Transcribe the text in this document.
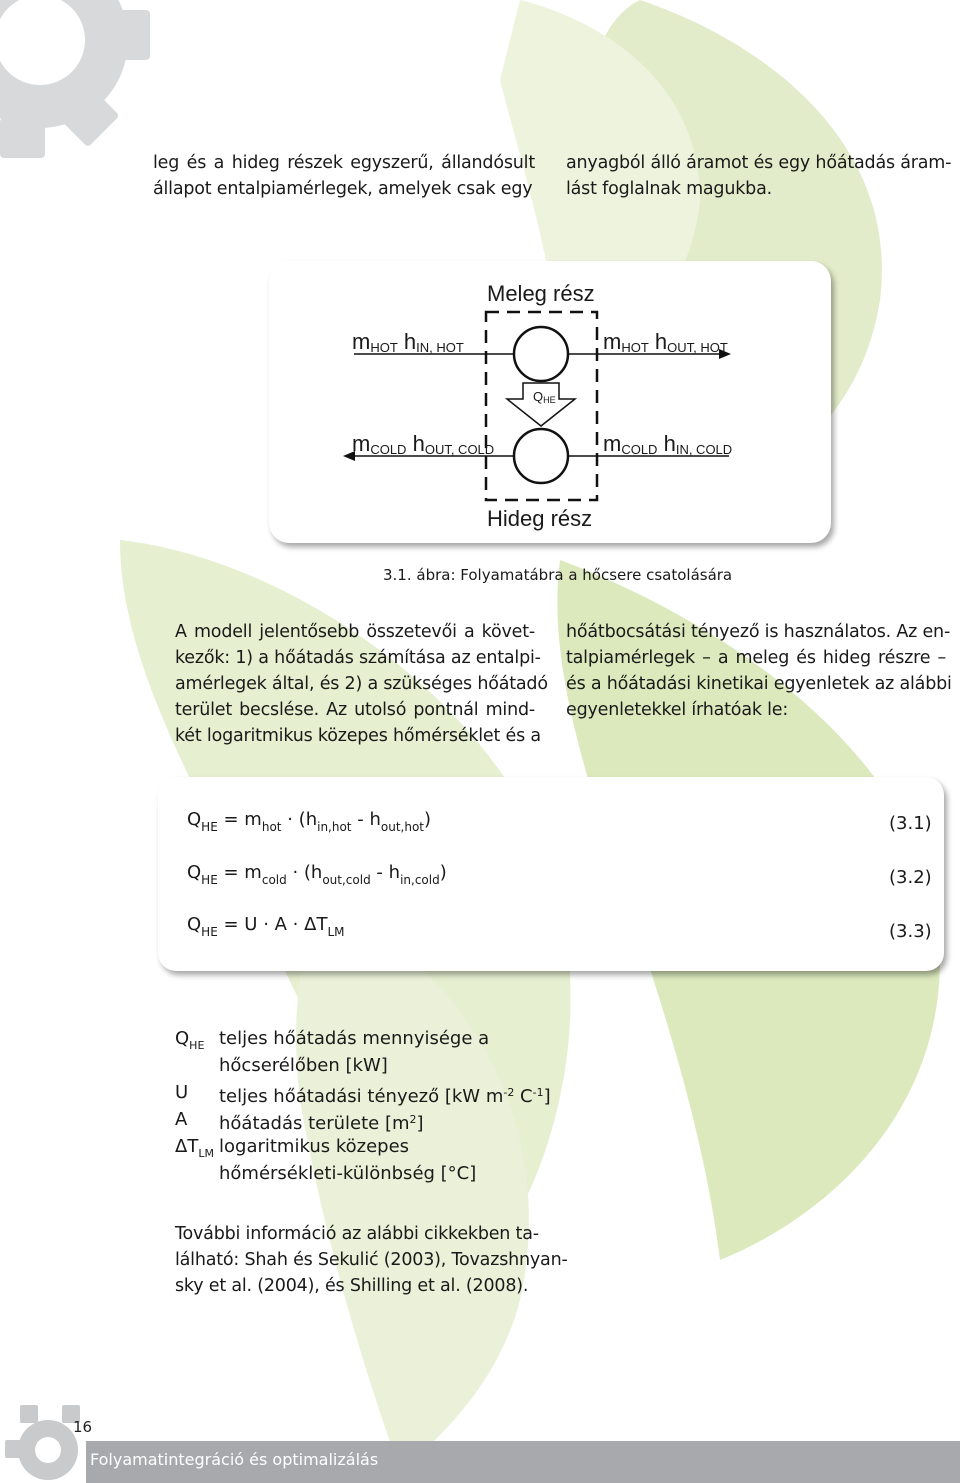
leg és a hideg részek egyszerű, állandósult
állapot entalpiamérlegek, amelyek csak egy
anyagból álló áramot és egy hőátadás áram-
lást foglalnak magukba.
Meleg rész
Hideg rész
$m_{HOT}$ $h_{IN, HOT}$	$m_{HOT}$ $h_{OUT, HOT}$
$m_{COLD}$ $h_{OUT, COLD}$	$m_{COLD}$ $h_{IN, COLD}$
$Q_{HE}$
3.1. ábra: Folyamatábra a hőcsere csatolására
A modell jelentősebb összetevői a követ-
kezők: 1) a hőátadás számítása az entalpi-
amérlegek által, és 2) a szükséges hőátadó
terület becslése. Az utolsó pontnál mind-
két logaritmikus közepes hőmérséklet és a
hőátbocsátási tényező is használatos. Az en-
talpiamérlegek – a meleg és hideg részre –
és a hőátadási kinetikai egyenletek az alábbi
egyenletekkel írhatóak le:
$Q_{HE} = m_{hot} \cdot (h_{in,hot} - h_{out,hot})$	(3.1)
$Q_{HE} = m_{cold} \cdot (h_{out,cold} - h_{in,cold})$	(3.2)
$Q_{HE} = U \cdot A \cdot \Delta T_{LM}$	(3.3)
$Q_{HE}$ teljes hőátadás mennyisége a
hőcserélőben [kW]
U teljes hőátadási tényező [kW $m^{-2}$ $C^{-1}$]
A hőátadás területe $[m^2]$
$\Delta T_{LM}$ logaritmikus közepes
hőmérsékleti-különbség [°C]
További információ az alábbi cikkekben ta-
lálható: Shah és Sekulić (2003), Tovazshnyan-
sky et al. (2004), és Shilling et al. (2008).
16
Folyamatintegráció és optimalizálás
